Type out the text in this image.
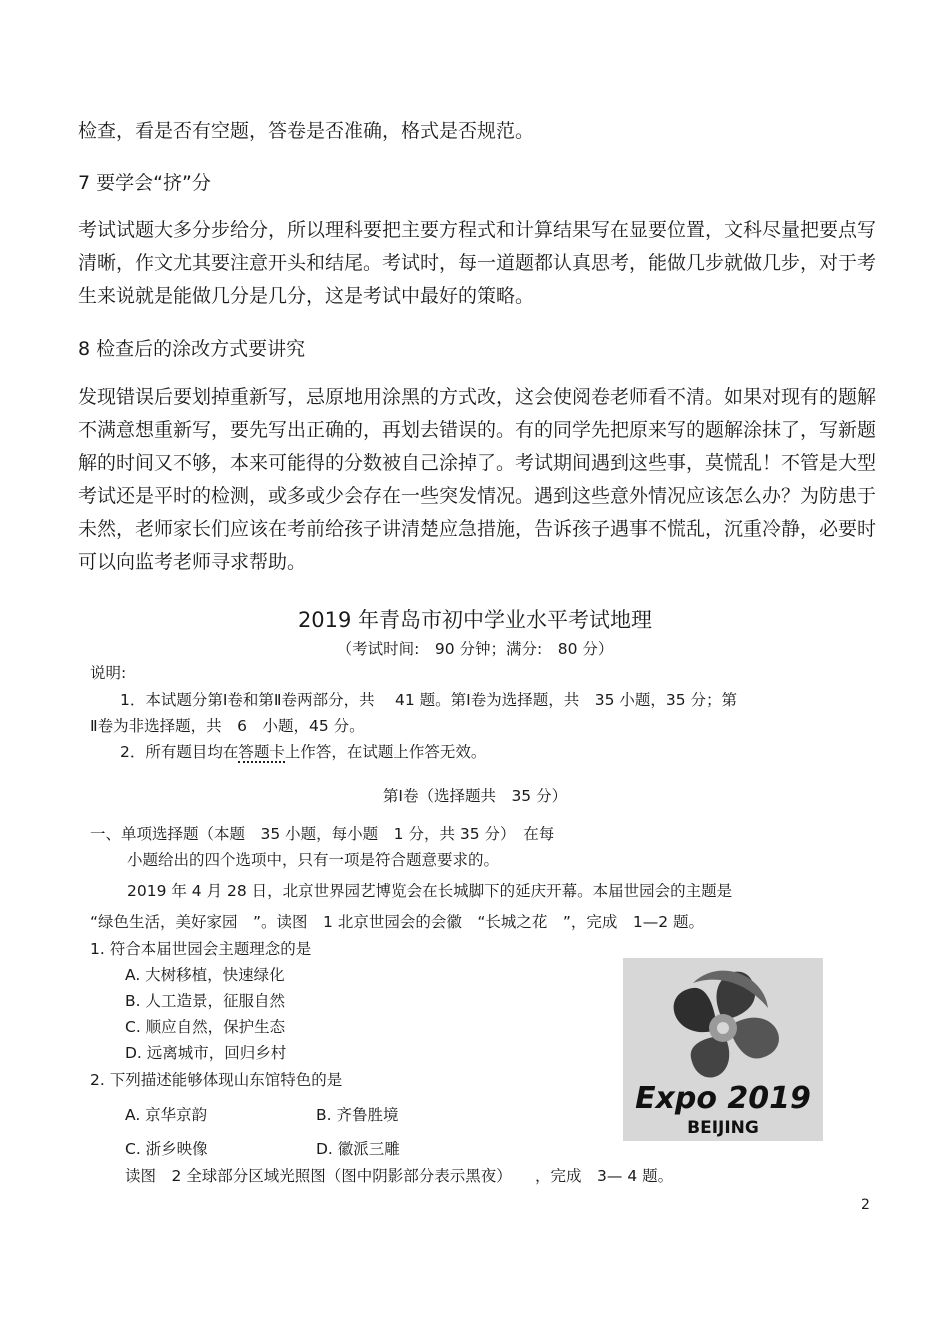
检查，看是否有空题，答卷是否准确，格式是否规范。
7 要学会“挤”分
考试试题大多分步给分，所以理科要把主要方程式和计算结果写在显要位置，文科尽量把要点写清晰，作文尤其要注意开头和结尾。考试时，每一道题都认真思考，能做几步就做几步，对于考生来说就是能做几分是几分，这是考试中最好的策略。
8 检查后的涂改方式要讲究
发现错误后要划掉重新写，忌原地用涂黑的方式改，这会使阅卷老师看不清。如果对现有的题解不满意想重新写，要先写出正确的，再划去错误的。有的同学先把原来写的题解涂抹了，写新题解的时间又不够，本来可能得的分数被自己涂掉了。考试期间遇到这些事，莫慌乱！不管是大型考试还是平时的检测，或多或少会存在一些突发情况。遇到这些意外情况应该怎么办？为防患于未然，老师家长们应该在考前给孩子讲清楚应急措施，告诉孩子遇事不慌乱，沉重冷静，必要时可以向监考老师寻求帮助。
2019 年青岛市初中学业水平考试地理
（考试时间:　90 分钟；满分:　80 分）
说明:
1．本试题分第Ⅰ卷和第Ⅱ卷两部分，共　 41 题。第Ⅰ卷为选择题，共　35 小题，35 分；第
Ⅱ卷为非选择题，共　6　小题，45 分。
2．所有题目均在答题卡上作答，在试题上作答无效。
第Ⅰ卷（选择题共　35 分）
一、单项选择题（本题　35 小题，每小题　1 分，共 35 分）　在每
小题给出的四个选项中，只有一项是符合题意要求的。
2019 年 4 月 28 日，北京世界园艺博览会在长城脚下的延庆开幕。本届世园会的主题是
“绿色生活，美好家园　”。读图　1 北京世园会的会徽　“长城之花　”，完成　1—2 题。
1. 符合本届世园会主题理念的是
A. 大树移植，快速绿化
B. 人工造景，征服自然
C. 顺应自然，保护生态
D. 远离城市，回归乡村
2. 下列描述能够体现山东馆特色的是
A. 京华京韵	B. 齐鲁胜境
C. 浙乡映像	D. 徽派三雕
读图　2 全球部分区域光照图（图中阴影部分表示黑夜）　　，完成　3— 4 题。
Expo 2019
BEIJING
2
